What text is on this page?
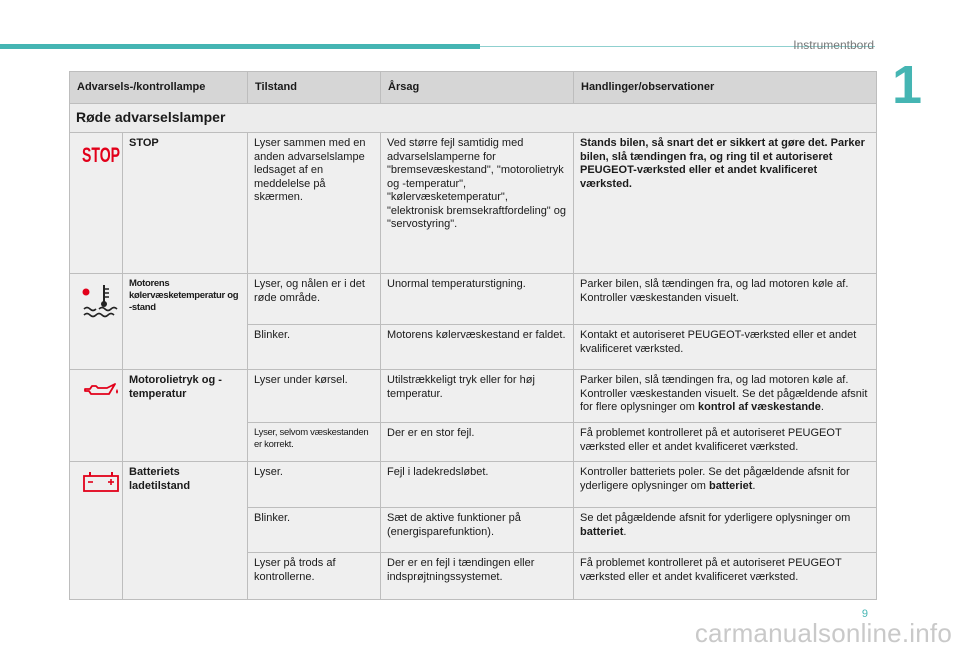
Instrumentbord
1
Advarsels-/kontrollampe		Tilstand	Årsag	Handlinger/observationer
Røde advarselslamper				

STOP	STOP	Lyser sammen med en anden advarselslampe ledsaget af en meddelelse på skærmen.	Ved større fejl samtidig med advarselslamperne for "bremsevæskestand", "motorolietryk og -temperatur", "kølervæsketemperatur", "elektronisk bremsekraftfordeling" og "servostyring".	Stands bilen, så snart det er sikkert at gøre det. Parker bilen, slå tændingen fra, og ring til et autoriseret PEUGEOT-værksted eller et andet kvalificeret værksted.

	Motorens kølervæsketemperatur og -stand	Lyser, og nålen er i det røde område.	Unormal temperaturstigning.	Parker bilen, slå tændingen fra, og lad motoren køle af. Kontroller væskestanden visuelt.
		Blinker.	Motorens kølervæskestand er faldet.	Kontakt et autoriseret PEUGEOT-værksted eller et andet kvalificeret værksted.

	Motorolietryk og -temperatur	Lyser under kørsel.	Utilstrækkeligt tryk eller for høj temperatur.	Parker bilen, slå tændingen fra, og lad motoren køle af. Kontroller væskestanden visuelt. Se det pågældende afsnit for flere oplysninger om kontrol af væskestande.
		Lyser, selvom væskestanden er korrekt.	Der er en stor fejl.	Få problemet kontrolleret på et autoriseret PEUGEOT værksted eller et andet kvalificeret værksted.

	Batteriets ladetilstand	Lyser.	Fejl i ladekredsløbet.	Kontroller batteriets poler. Se det pågældende afsnit for yderligere oplysninger om batteriet.
		Blinker.	Sæt de aktive funktioner på (energisparefunktion).	Se det pågældende afsnit for yderligere oplysninger om batteriet.
		Lyser på trods af kontrollerne.	Der er en fejl i tændingen eller indsprøjtningssystemet.	Få problemet kontrolleret på et autoriseret PEUGEOT værksted eller et andet kvalificeret værksted.
9
carmanualsonline.info
